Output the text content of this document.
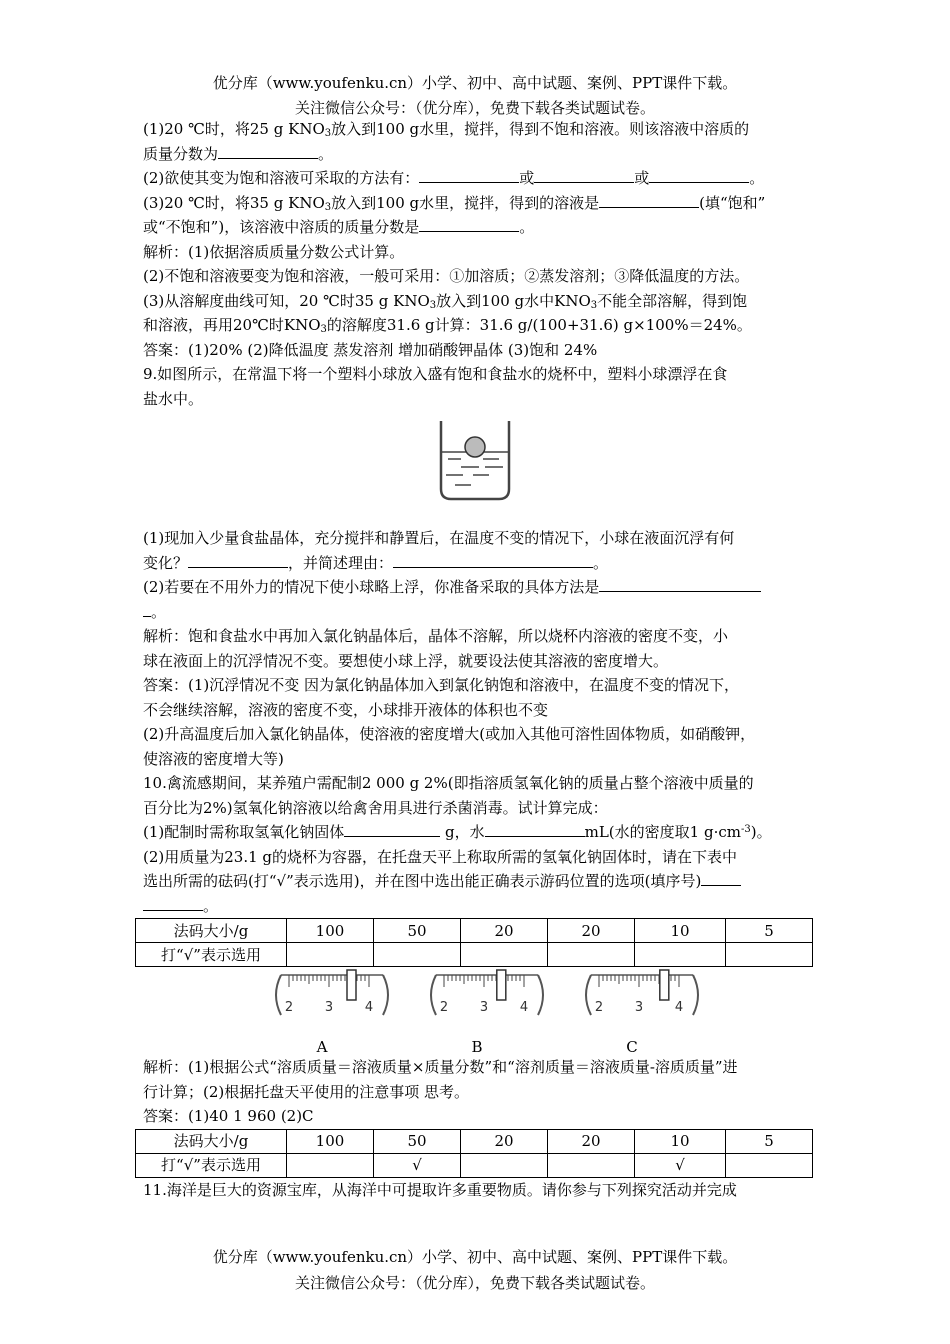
优分库（www.youfenku.cn）小学、初中、高中试题、案例、PPT课件下载。
关注微信公众号：（优分库），免费下载各类试题试卷。

(1)20 ℃时，将25 g $KNO_3$放入到100 g水里，搅拌，得到不饱和溶液。则该溶液中溶质的

质量分数为	。

(2)欲使其变为饱和溶液可采取的方法有：	或	或	。

(3)20 ℃时，将35 g $KNO_3$放入到100 g水里，搅拌，得到的溶液是	(填“饱和”

或“不饱和”)，该溶液中溶质的质量分数是	。

解析：(1)依据溶质质量分数公式计算。

(2)不饱和溶液要变为饱和溶液，一般可采用：①加溶质；②蒸发溶剂；③降低温度的方法。

(3)从溶解度曲线可知，20 ℃时35 g $KNO_3$放入到100 g水中$KNO_3$不能全部溶解，得到饱

和溶液，再用20℃时$KNO_3$的溶解度31.6 g计算：31.6 g/(100+31.6) g×100%＝24%。

答案：(1)20% (2)降低温度 蒸发溶剂 增加硝酸钾晶体 (3)饱和 24%

9.如图所示，在常温下将一个塑料小球放入盛有饱和食盐水的烧杯中，塑料小球漂浮在食

盐水中。

(1)现加入少量食盐晶体，充分搅拌和静置后，在温度不变的情况下，小球在液面沉浮有何

变化？	，并简述理由：	。

(2)若要在不用外力的情况下使小球略上浮，你准备采取的具体方法是

。

解析：饱和食盐水中再加入氯化钠晶体后，晶体不溶解，所以烧杯内溶液的密度不变，小

球在液面上的沉浮情况不变。要想使小球上浮，就要设法使其溶液的密度增大。

答案：(1)沉浮情况不变 因为氯化钠晶体加入到氯化钠饱和溶液中，在温度不变的情况下，

不会继续溶解，溶液的密度不变，小球排开液体的体积也不变

(2)升高温度后加入氯化钠晶体，使溶液的密度增大(或加入其他可溶性固体物质，如硝酸钾，

使溶液的密度增大等)

10.禽流感期间，某养殖户需配制2 000 g 2%(即指溶质氢氧化钠的质量占整个溶液中质量的

百分比为2%)氢氧化钠溶液以给禽舍用具进行杀菌消毒。试计算完成：

(1)配制时需称取氢氧化钠固体	g，水	mL(水的密度取1 $g\cdot cm^{-3}$)。

(2)用质量为23.1 g的烧杯为容器，在托盘天平上称取所需的氢氧化钠固体时，请在下表中

选出所需的砝码(打“√”表示选用)，并在图中选出能正确表示游码位置的选项(填序号)

。

法码大小/g	100	50	20	20	10	5
打“√”表示选用						
2 3 4	2 3 4	2 3 4
A	B	C

解析：(1)根据公式“溶质质量＝溶液质量×质量分数”和“溶剂质量＝溶液质量-溶质质量”进

行计算；(2)根据托盘天平使用的注意事项 思考。

答案：(1)40 1 960 (2)C

法码大小/g	100	50	20	20	10	5
打“√”表示选用		√			√	

11.海洋是巨大的资源宝库，从海洋中可提取许多重要物质。请你参与下列探究活动并完成

优分库（www.youfenku.cn）小学、初中、高中试题、案例、PPT课件下载。
关注微信公众号：（优分库），免费下载各类试题试卷。
